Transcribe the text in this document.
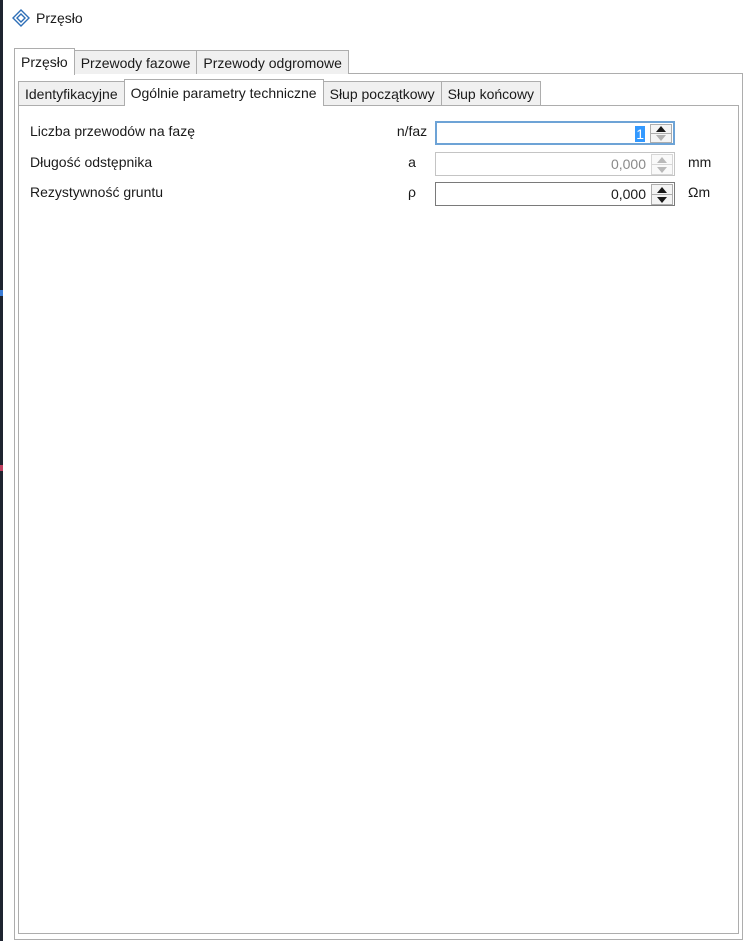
Przęsło
Przęsło Przewody fazowe Przewody odgromowe
Identyfikacyjne Ogólnie parametry techniczne Słup początkowy Słup końcowy
Liczba przewodów na fazę	n/faz	1
Długość odstępnika	a	0,000	mm
Rezystywność gruntu	ρ	0,000	Ωm
